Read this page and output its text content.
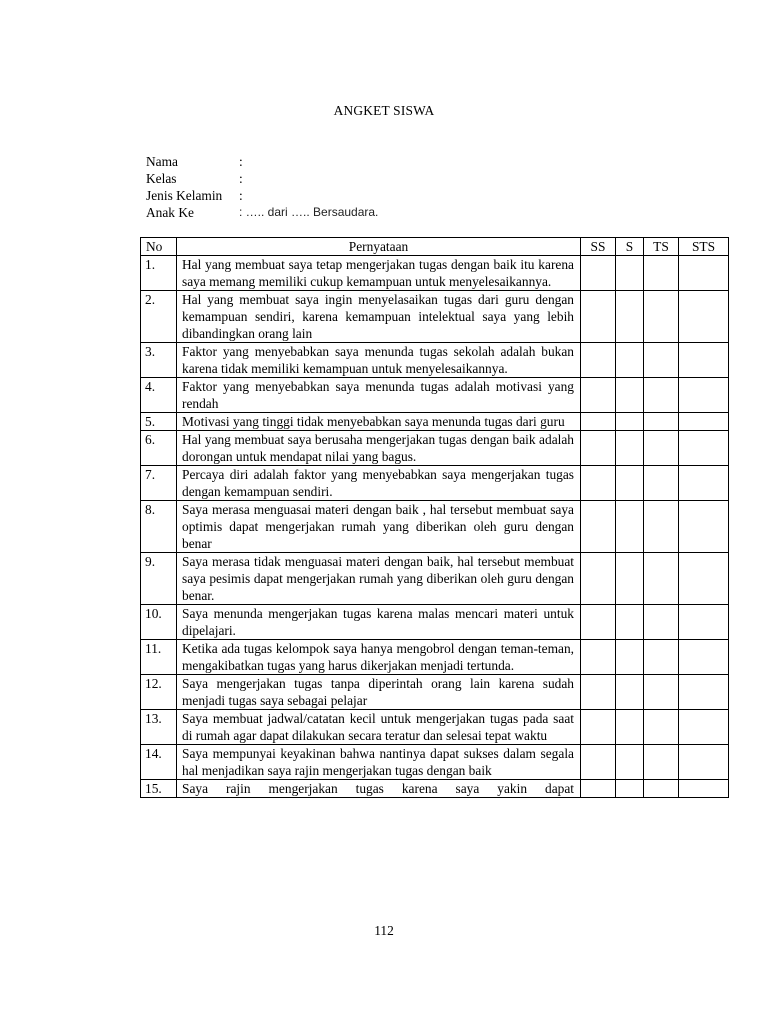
ANGKET SISWA
Nama	:
Kelas	:
Jenis Kelamin	:
Anak Ke	: ….. dari ….. Bersaudara.
No	Pernyataan	SS	S	TS	STS
1.	Hal yang membuat saya tetap mengerjakan tugas dengan baik itu karena saya memang memiliki cukup kemampuan untuk menyelesaikannya.				
2.	Hal yang membuat saya ingin menyelasaikan tugas dari guru dengan kemampuan sendiri, karena kemampuan intelektual saya yang lebih dibandingkan orang lain				
3.	Faktor yang menyebabkan saya menunda tugas sekolah adalah bukan karena tidak memiliki kemampuan untuk menyelesaikannya.				
4.	Faktor yang menyebabkan saya menunda tugas adalah motivasi yang rendah				
5.	Motivasi yang tinggi tidak menyebabkan saya menunda tugas dari guru				
6.	Hal yang membuat saya berusaha mengerjakan tugas dengan baik adalah dorongan untuk mendapat nilai yang bagus.				
7.	Percaya diri adalah faktor yang menyebabkan saya mengerjakan tugas dengan kemampuan sendiri.				
8.	Saya merasa menguasai materi dengan baik , hal tersebut membuat saya optimis dapat mengerjakan rumah yang diberikan oleh guru dengan benar				
9.	Saya merasa tidak menguasai materi dengan baik, hal tersebut membuat saya pesimis dapat mengerjakan rumah yang diberikan oleh guru dengan benar.				
10.	Saya menunda mengerjakan tugas karena malas mencari materi untuk dipelajari.				
11.	Ketika ada tugas kelompok saya hanya mengobrol dengan teman-teman, mengakibatkan tugas yang harus dikerjakan menjadi tertunda.				
12.	Saya mengerjakan tugas tanpa diperintah orang lain karena sudah menjadi tugas saya sebagai pelajar				
13.	Saya membuat jadwal/catatan kecil untuk mengerjakan tugas pada saat di rumah agar dapat dilakukan secara teratur dan selesai tepat waktu				
14.	Saya mempunyai keyakinan bahwa nantinya dapat sukses dalam segala hal menjadikan saya rajin mengerjakan tugas dengan baik				
15.	Saya rajin mengerjakan tugas karena saya yakin dapat				

112
